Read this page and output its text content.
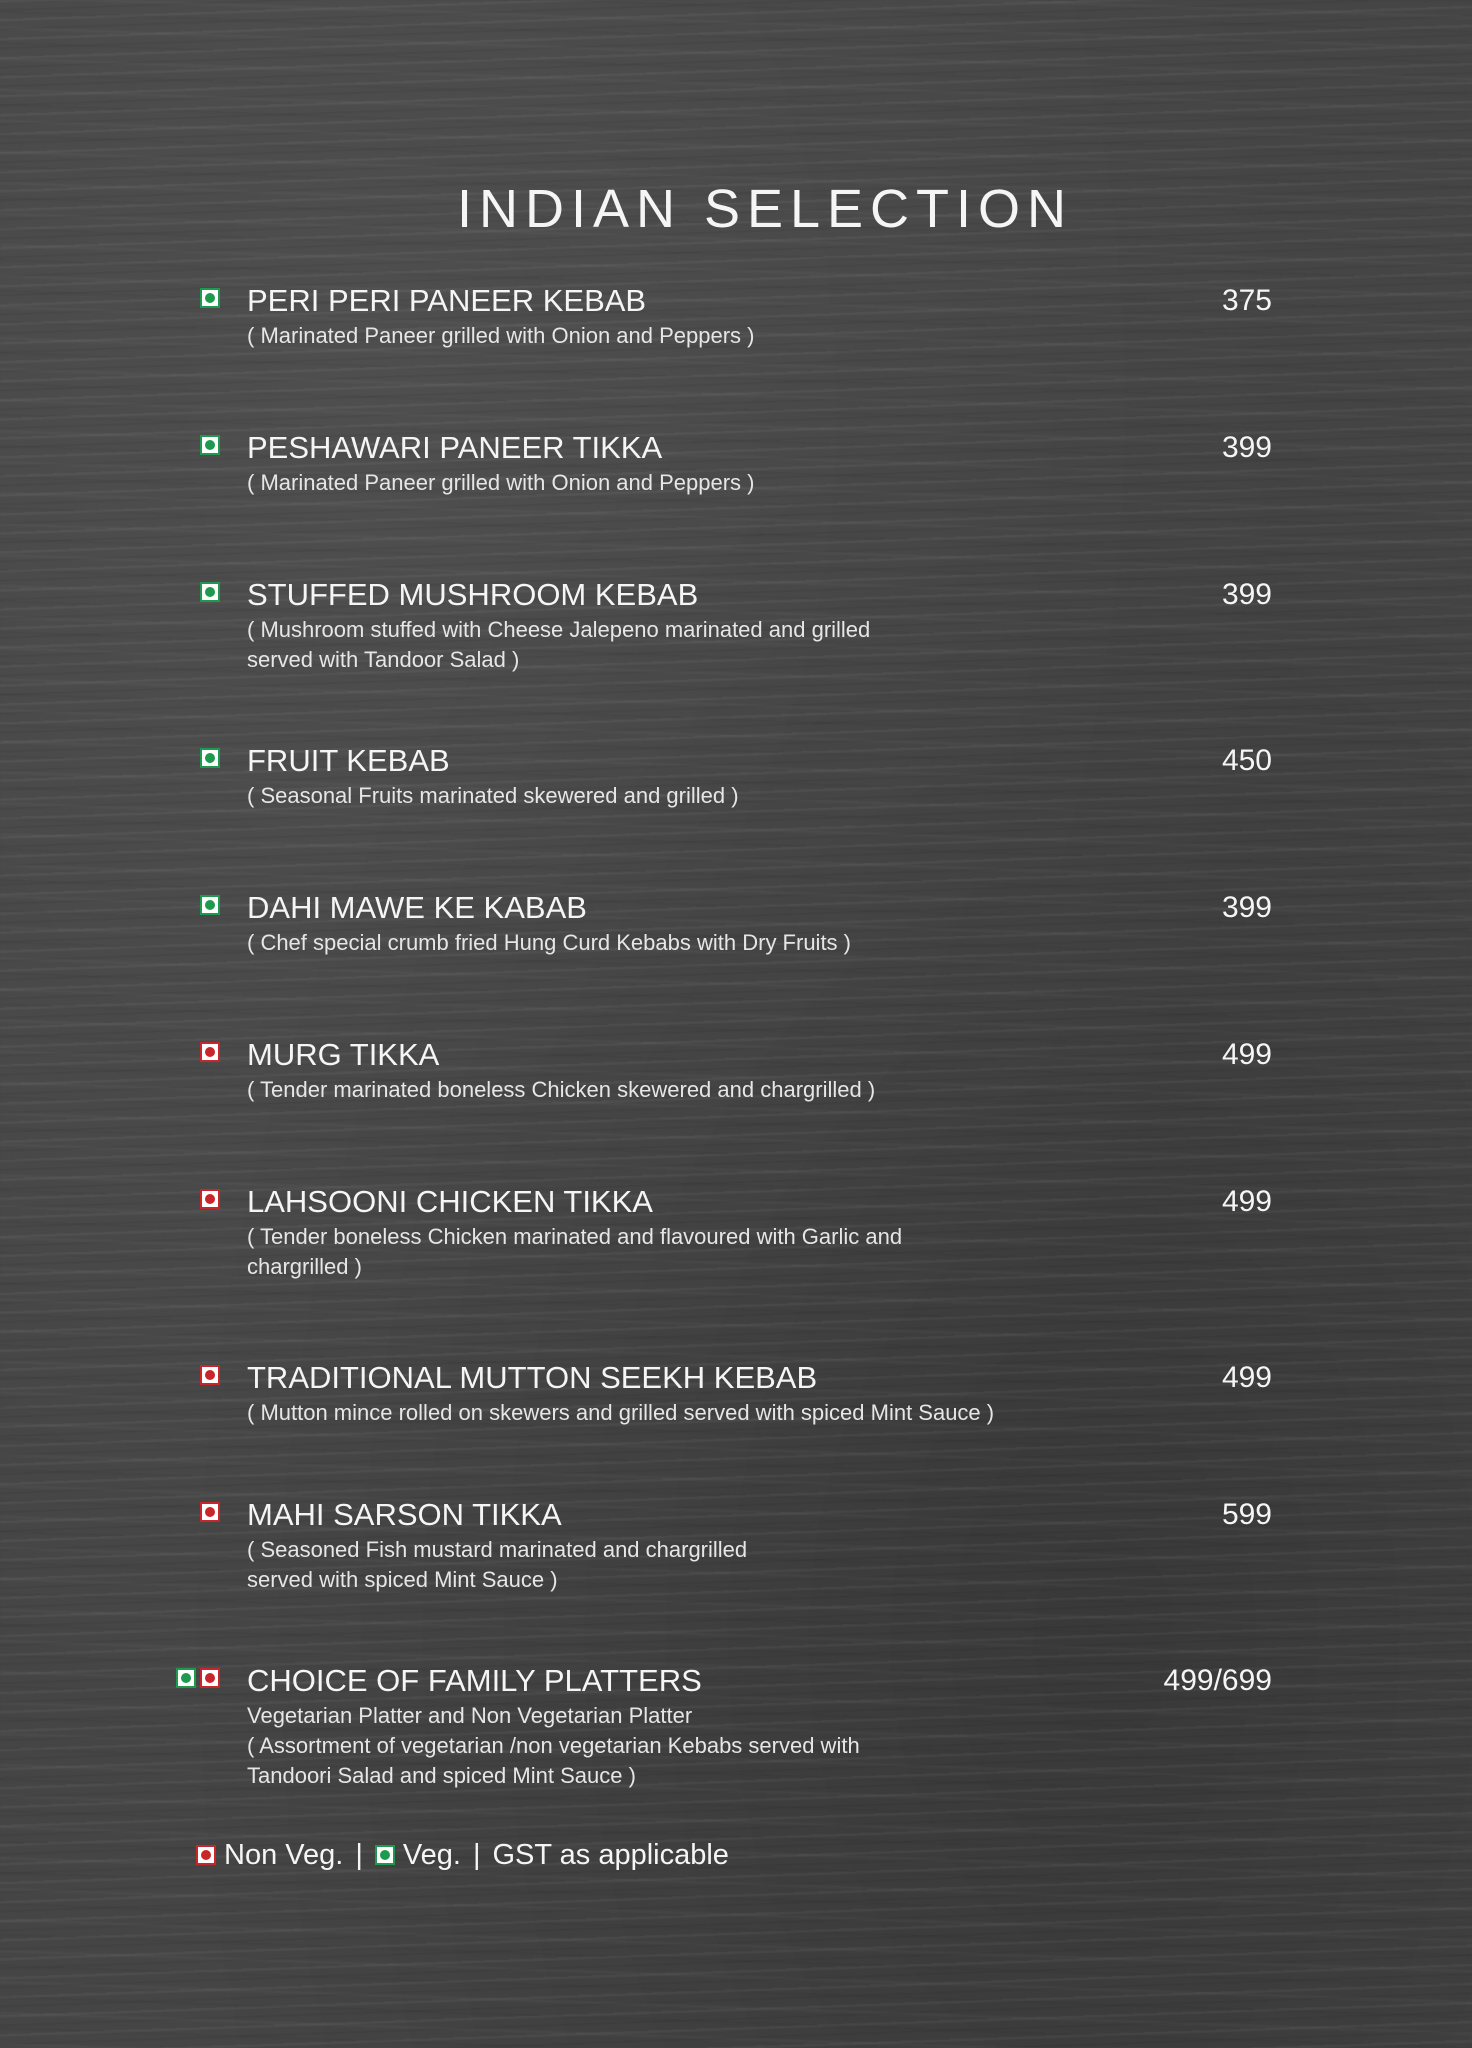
INDIAN SELECTION
PERI PERI PANEER KEBAB	375
( Marinated Paneer grilled with Onion and Peppers )
PESHAWARI PANEER TIKKA	399
( Marinated Paneer grilled with Onion and Peppers )
STUFFED MUSHROOM KEBAB	399
( Mushroom stuffed with Cheese Jalepeno marinated and grilled
served with Tandoor Salad )
FRUIT KEBAB	450
( Seasonal Fruits marinated skewered and grilled )
DAHI MAWE KE KABAB	399
( Chef special crumb fried Hung Curd Kebabs with Dry Fruits )
MURG TIKKA	499
( Tender marinated boneless Chicken skewered and chargrilled )
LAHSOONI CHICKEN TIKKA	499
( Tender boneless Chicken marinated and flavoured with Garlic and
chargrilled )
TRADITIONAL MUTTON SEEKH KEBAB	499
( Mutton mince rolled on skewers and grilled served with spiced Mint Sauce )
MAHI SARSON TIKKA	599
( Seasoned Fish mustard marinated and chargrilled
served with spiced Mint Sauce )
CHOICE OF FAMILY PLATTERS	499/699
Vegetarian Platter and Non Vegetarian Platter
( Assortment of vegetarian /non vegetarian Kebabs served with
Tandoori Salad and spiced Mint Sauce )
Non Veg. | Veg. | GST as applicable
